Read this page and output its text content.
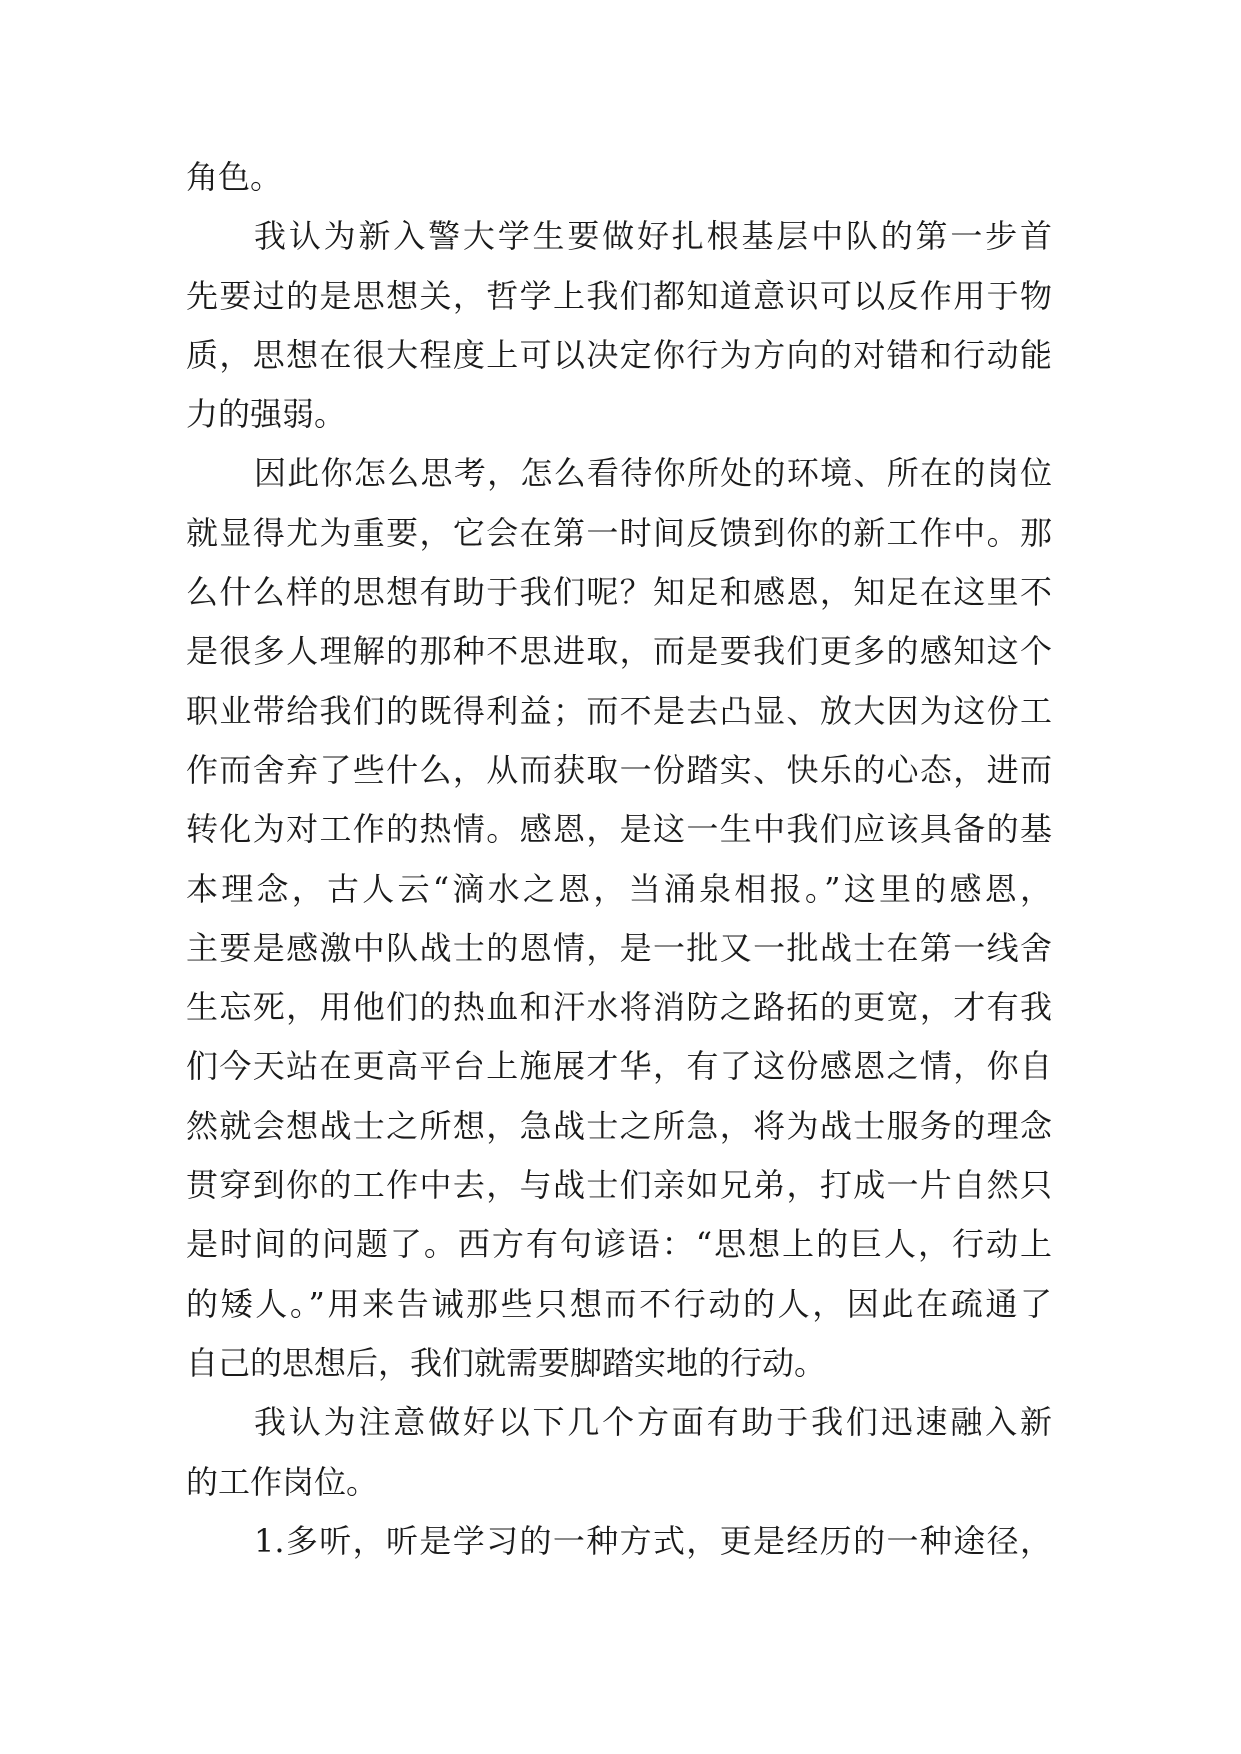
角色。
我认为新入警大学生要做好扎根基层中队的第一步首
先要过的是思想关，哲学上我们都知道意识可以反作用于物
质，思想在很大程度上可以决定你行为方向的对错和行动能
力的强弱。
因此你怎么思考，怎么看待你所处的环境、所在的岗位
就显得尤为重要，它会在第一时间反馈到你的新工作中。那
么什么样的思想有助于我们呢？知足和感恩，知足在这里不
是很多人理解的那种不思进取，而是要我们更多的感知这个
职业带给我们的既得利益；而不是去凸显、放大因为这份工
作而舍弃了些什么，从而获取一份踏实、快乐的心态，进而
转化为对工作的热情。感恩，是这一生中我们应该具备的基
本理念，古人云“滴水之恩，当涌泉相报。”这里的感恩，
主要是感激中队战士的恩情，是一批又一批战士在第一线舍
生忘死，用他们的热血和汗水将消防之路拓的更宽，才有我
们今天站在更高平台上施展才华，有了这份感恩之情，你自
然就会想战士之所想，急战士之所急，将为战士服务的理念
贯穿到你的工作中去，与战士们亲如兄弟，打成一片自然只
是时间的问题了。西方有句谚语：“思想上的巨人，行动上
的矮人。”用来告诫那些只想而不行动的人，因此在疏通了
自己的思想后，我们就需要脚踏实地的行动。
我认为注意做好以下几个方面有助于我们迅速融入新
的工作岗位。
1.多听，听是学习的一种方式，更是经历的一种途径，
